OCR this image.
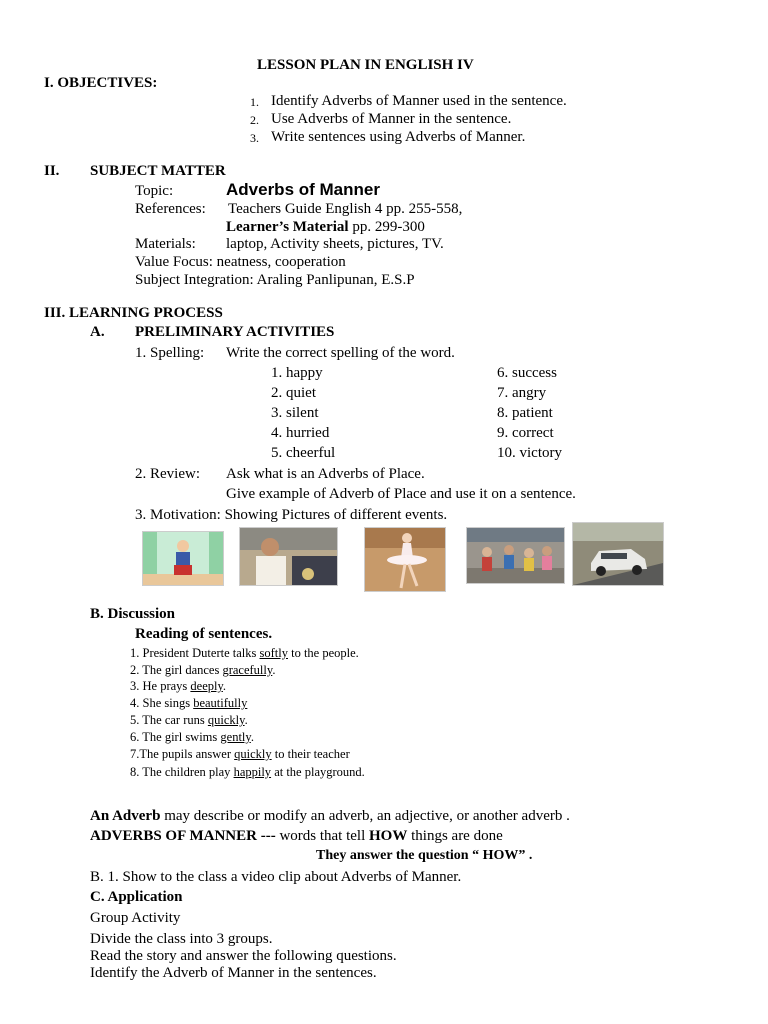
LESSON PLAN IN ENGLISH IV
I. OBJECTIVES:
1. Identify Adverbs of Manner used in the sentence.
2. Use Adverbs of Manner in the sentence.
3. Write sentences using Adverbs of Manner.
II. SUBJECT MATTER
Topic:	Adverbs of Manner
References: Teachers Guide English 4 pp. 255-558,
Learner’s Material pp. 299-300
Materials: laptop, Activity sheets, pictures, TV.
Value Focus: neatness, cooperation
Subject Integration: Araling Panlipunan, E.S.P
III. LEARNING PROCESS
A. PRELIMINARY ACTIVITIES
1. Spelling: Write the correct spelling of the word.
1. happy
2. quiet
3. silent
4. hurried
5. cheerful
6. success
7. angry
8. patient
9. correct
10. victory
2. Review: Ask what is an Adverbs of Place.
Give example of Adverb of Place and use it on a sentence.
3. Motivation: Showing Pictures of different events.
B. Discussion
Reading of sentences.
1. President Duterte talks softly to the people.
2. The girl dances gracefully.
3. He prays deeply.
4. She sings beautifully
5. The car runs quickly.
6. The girl swims gently.
7.The pupils answer quickly to their teacher
8. The children play happily at the playground.
An Adverb may describe or modify an adverb, an adjective, or another adverb .
ADVERBS OF MANNER --- words that tell HOW things are done
They answer the question “ HOW” .
B. 1. Show to the class a video clip about Adverbs of Manner.
C. Application
Group Activity
Divide the class into 3 groups.
Read the story and answer the following questions.
Identify the Adverb of Manner in the sentences.
